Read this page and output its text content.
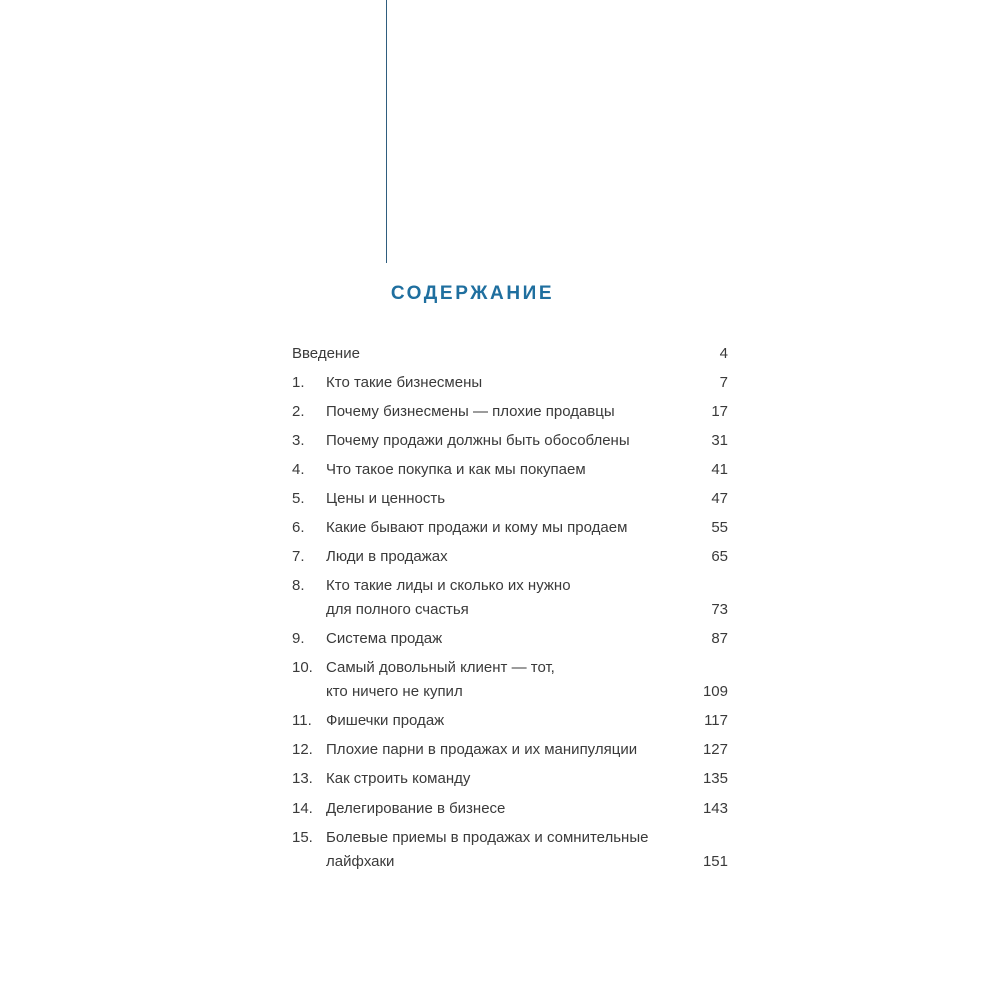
СОДЕРЖАНИЕ
Введение	4
1. Кто такие бизнесмены	7
2. Почему бизнесмены — плохие продавцы	17
3. Почему продажи должны быть обособлены	31
4. Что такое покупка и как мы покупаем	41
5. Цены и ценность	47
6. Какие бывают продажи и кому мы продаем	55
7. Люди в продажах	65
8. Кто такие лиды и сколько их нужно
для полного счастья	73
9. Система продаж	87
10. Самый довольный клиент — тот,
кто ничего не купил	109
11. Фишечки продаж	117
12. Плохие парни в продажах и их манипуляции	127
13. Как строить команду	135
14. Делегирование в бизнесе	143
15. Болевые приемы в продажах и сомнительные
лайфхаки	151
